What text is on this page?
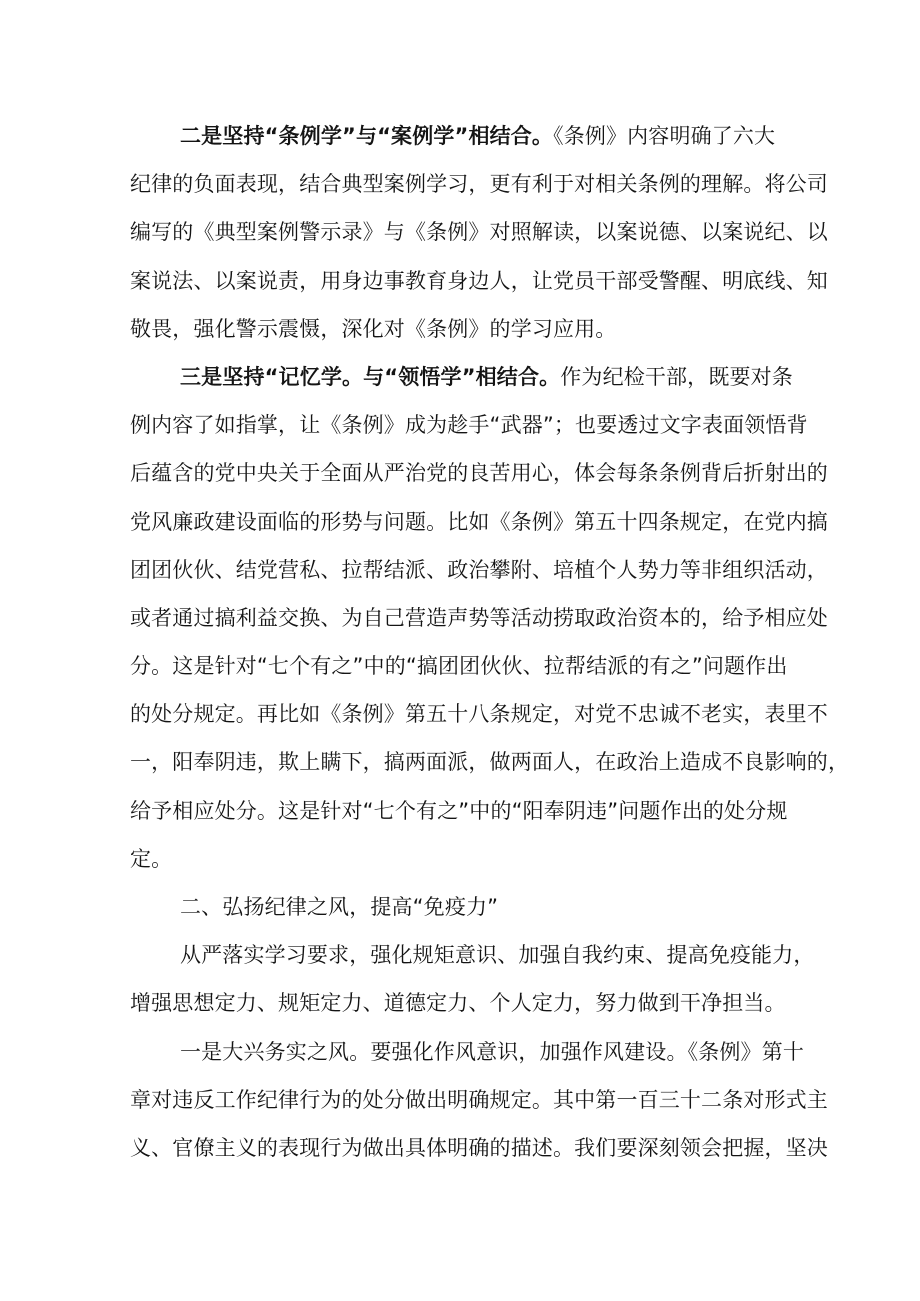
二是坚持“条例学”与“案例学”相结合。《条例》内容明确了六大
纪律的负面表现，结合典型案例学习，更有利于对相关条例的理解。将公司
编写的《典型案例警示录》与《条例》对照解读，以案说德、以案说纪、以
案说法、以案说责，用身边事教育身边人，让党员干部受警醒、明底线、知
敬畏，强化警示震慑，深化对《条例》的学习应用。
三是坚持“记忆学。与“领悟学”相结合。作为纪检干部，既要对条
例内容了如指掌，让《条例》成为趁手“武器”；也要透过文字表面领悟背
后蕴含的党中央关于全面从严治党的良苦用心，体会每条条例背后折射出的
党风廉政建设面临的形势与问题。比如《条例》第五十四条规定，在党内搞
团团伙伙、结党营私、拉帮结派、政治攀附、培植个人势力等非组织活动，
或者通过搞利益交换、为自己营造声势等活动捞取政治资本的，给予相应处
分。这是针对“七个有之”中的“搞团团伙伙、拉帮结派的有之”问题作出
的处分规定。再比如《条例》第五十八条规定，对党不忠诚不老实，表里不
一，阳奉阴违，欺上瞒下，搞两面派，做两面人，在政治上造成不良影响的，
给予相应处分。这是针对“七个有之”中的“阳奉阴违”问题作出的处分规
定。
二、弘扬纪律之风，提高“免疫力”
从严落实学习要求，强化规矩意识、加强自我约束、提高免疫能力，
增强思想定力、规矩定力、道德定力、个人定力，努力做到干净担当。
一是大兴务实之风。要强化作风意识，加强作风建设。《条例》第十
章对违反工作纪律行为的处分做出明确规定。其中第一百三十二条对形式主
义、官僚主义的表现行为做出具体明确的描述。我们要深刻领会把握，坚决
